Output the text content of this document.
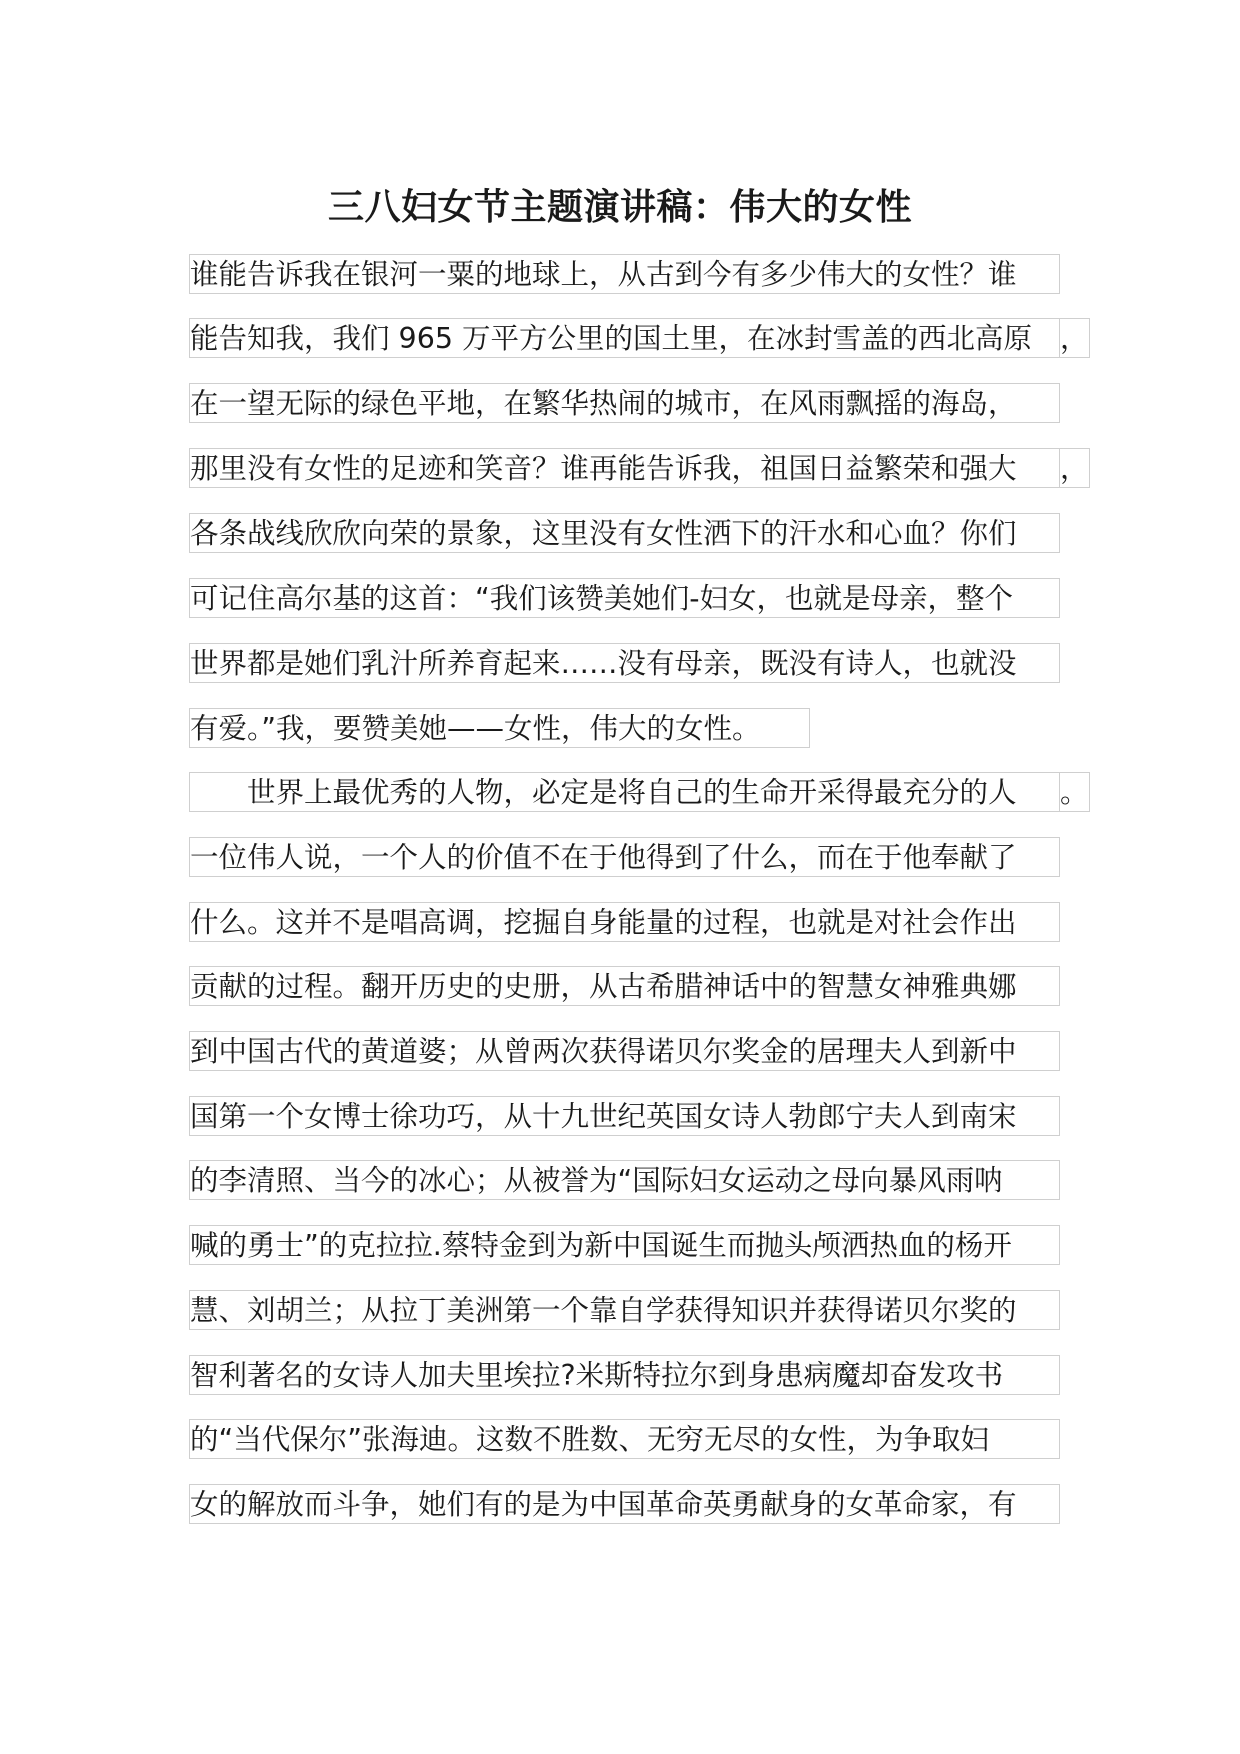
三八妇女节主题演讲稿：伟大的女性
谁能告诉我在银河一粟的地球上，从古到今有多少伟大的女性？谁
能告知我，我们 965 万平方公里的国土里，在冰封雪盖的西北高原 ，
在一望无际的绿色平地，在繁华热闹的城市，在风雨飘摇的海岛，
那里没有女性的足迹和笑音？谁再能告诉我，祖国日益繁荣和强大	，
各条战线欣欣向荣的景象，这里没有女性洒下的汗水和心血？你们
可记住高尔基的这首：“我们该赞美她们-妇女，也就是母亲，整个
世界都是她们乳汁所养育起来……没有母亲，既没有诗人，也就没
有爱。”我，要赞美她——女性，伟大的女性。
　　世界上最优秀的人物，必定是将自己的生命开采得最充分的人	。
一位伟人说，一个人的价值不在于他得到了什么，而在于他奉献了
什么。这并不是唱高调，挖掘自身能量的过程，也就是对社会作出
贡献的过程。翻开历史的史册，从古希腊神话中的智慧女神雅典娜
到中国古代的黄道婆；从曾两次获得诺贝尔奖金的居理夫人到新中
国第一个女博士徐功巧，从十九世纪英国女诗人勃郎宁夫人到南宋
的李清照、当今的冰心；从被誉为“国际妇女运动之母向暴风雨呐
喊的勇士”的克拉拉.蔡特金到为新中国诞生而抛头颅洒热血的杨开
慧、刘胡兰；从拉丁美洲第一个靠自学获得知识并获得诺贝尔奖的
智利著名的女诗人加夫里埃拉?米斯特拉尔到身患病魔却奋发攻书
的“当代保尔”张海迪。这数不胜数、无穷无尽的女性，为争取妇
女的解放而斗争，她们有的是为中国革命英勇献身的女革命家，有
